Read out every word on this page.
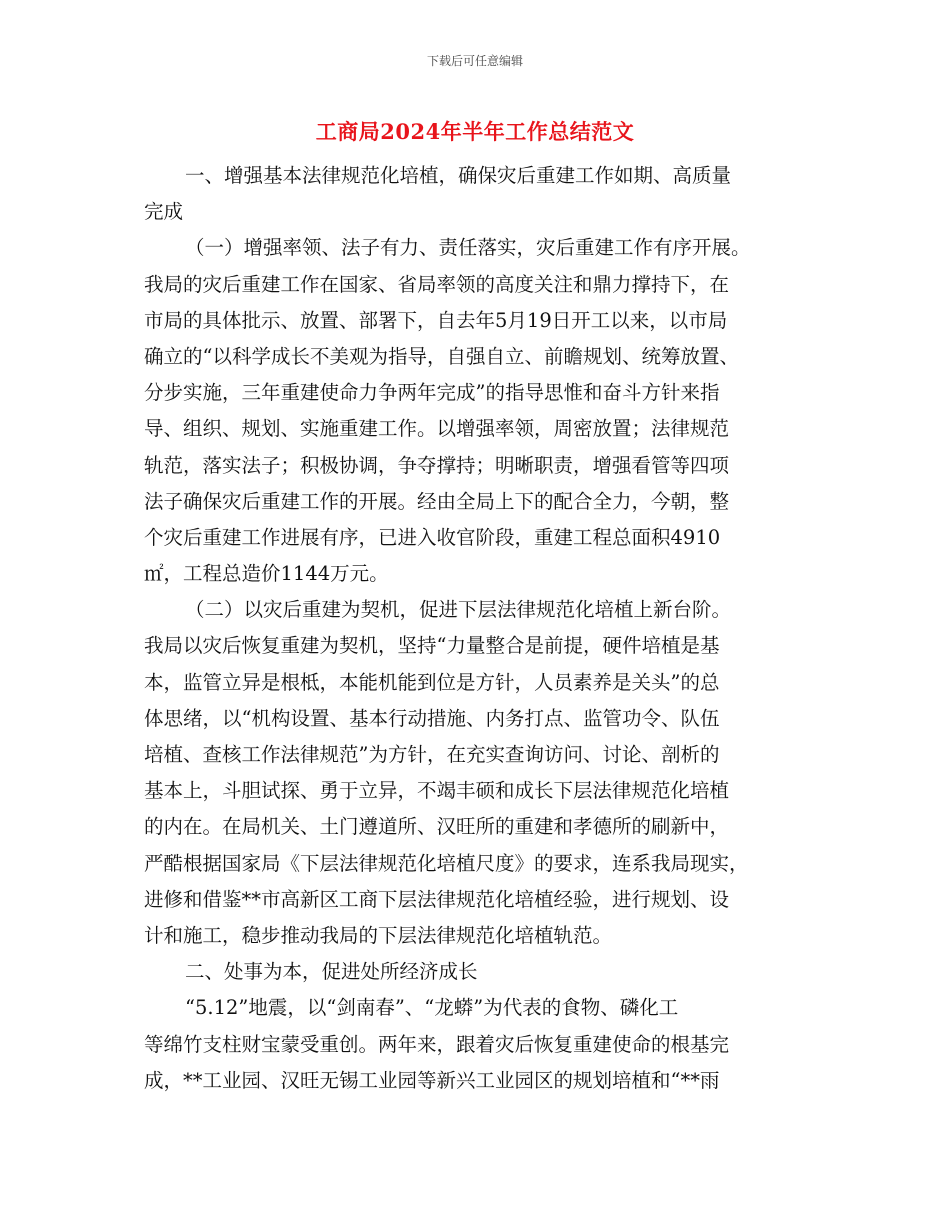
下载后可任意编辑
工商局2024年半年工作总结范文
一、增强基本法律规范化培植，确保灾后重建工作如期、高质量
完成
（一）增强率领、法子有力、责任落实，灾后重建工作有序开展。
我局的灾后重建工作在国家、省局率领的高度关注和鼎力撑持下，在
市局的具体批示、放置、部署下，自去年5月19日开工以来，以市局
确立的“以科学成长不美观为指导，自强自立、前瞻规划、统筹放置、
分步实施，三年重建使命力争两年完成”的指导思惟和奋斗方针来指
导、组织、规划、实施重建工作。以增强率领，周密放置；法律规范
轨范，落实法子；积极协调，争夺撑持；明晰职责，增强看管等四项
法子确保灾后重建工作的开展。经由全局上下的配合全力，今朝，整
个灾后重建工作进展有序，已进入收官阶段，重建工程总面积4910
㎡，工程总造价1144万元。
（二）以灾后重建为契机，促进下层法律规范化培植上新台阶。
我局以灾后恢复重建为契机，坚持“力量整合是前提，硬件培植是基
本，监管立异是根柢，本能机能到位是方针，人员素养是关头”的总
体思绪，以“机构设置、基本行动措施、内务打点、监管功令、队伍
培植、查核工作法律规范”为方针，在充实查询访问、讨论、剖析的
基本上，斗胆试探、勇于立异，不竭丰硕和成长下层法律规范化培植
的内在。在局机关、土门遵道所、汉旺所的重建和孝德所的刷新中，
严酷根据国家局《下层法律规范化培植尺度》的要求，连系我局现实，
进修和借鉴**市高新区工商下层法律规范化培植经验，进行规划、设
计和施工，稳步推动我局的下层法律规范化培植轨范。
二、处事为本，促进处所经济成长
“5.12”地震，以“剑南春”、“龙蟒”为代表的食物、磷化工
等绵竹支柱财宝蒙受重创。两年来，跟着灾后恢复重建使命的根基完
成，**工业园、汉旺无锡工业园等新兴工业园区的规划培植和“**雨
